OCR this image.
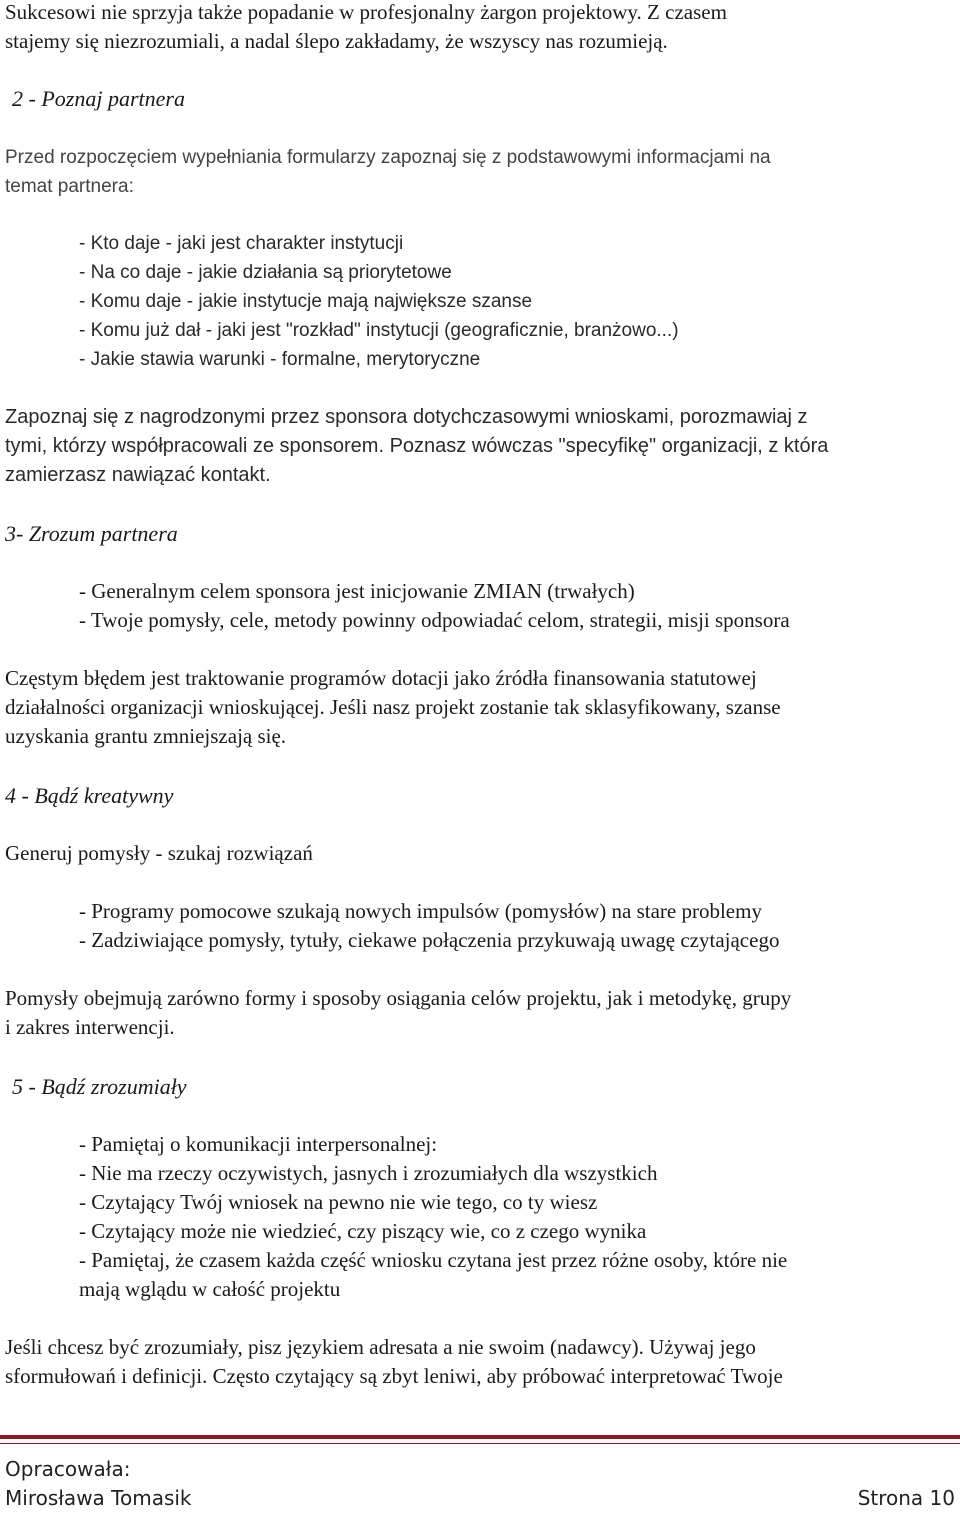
Sukcesowi nie sprzyja także popadanie w profesjonalny żargon projektowy. Z czasem
stajemy się niezrozumiali, a nadal ślepo zakładamy, że wszyscy nas rozumieją.
2 - Poznaj partnera
Przed rozpoczęciem wypełniania formularzy zapoznaj się z podstawowymi informacjami na
temat partnera:
- Kto daje - jaki jest charakter instytucji
- Na co daje - jakie działania są priorytetowe
- Komu daje - jakie instytucje mają największe szanse
- Komu już dał - jaki jest "rozkład" instytucji (geograficznie, branżowo...)
- Jakie stawia warunki - formalne, merytoryczne
Zapoznaj się z nagrodzonymi przez sponsora dotychczasowymi wnioskami, porozmawiaj z
tymi, którzy współpracowali ze sponsorem. Poznasz wówczas "specyfikę" organizacji, z która
zamierzasz nawiązać kontakt.
3- Zrozum partnera
- Generalnym celem sponsora jest inicjowanie ZMIAN (trwałych)
- Twoje pomysły, cele, metody powinny odpowiadać celom, strategii, misji sponsora
Częstym błędem jest traktowanie programów dotacji jako źródła finansowania statutowej
działalności organizacji wnioskującej. Jeśli nasz projekt zostanie tak sklasyfikowany, szanse
uzyskania grantu zmniejszają się.
4 - Bądź kreatywny
Generuj pomysły - szukaj rozwiązań
- Programy pomocowe szukają nowych impulsów (pomysłów) na stare problemy
- Zadziwiające pomysły, tytuły, ciekawe połączenia przykuwają uwagę czytającego
Pomysły obejmują zarówno formy i sposoby osiągania celów projektu, jak i metodykę, grupy
i zakres interwencji.
5 - Bądź zrozumiały
- Pamiętaj o komunikacji interpersonalnej:
- Nie ma rzeczy oczywistych, jasnych i zrozumiałych dla wszystkich
- Czytający Twój wniosek na pewno nie wie tego, co ty wiesz
- Czytający może nie wiedzieć, czy piszący wie, co z czego wynika
- Pamiętaj, że czasem każda część wniosku czytana jest przez różne osoby, które nie
mają wglądu w całość projektu
Jeśli chcesz być zrozumiały, pisz językiem adresata a nie swoim (nadawcy). Używaj jego
sformułowań i definicji. Często czytający są zbyt leniwi, aby próbować interpretować Twoje
Opracowała:
Mirosława Tomasik	Strona 10
